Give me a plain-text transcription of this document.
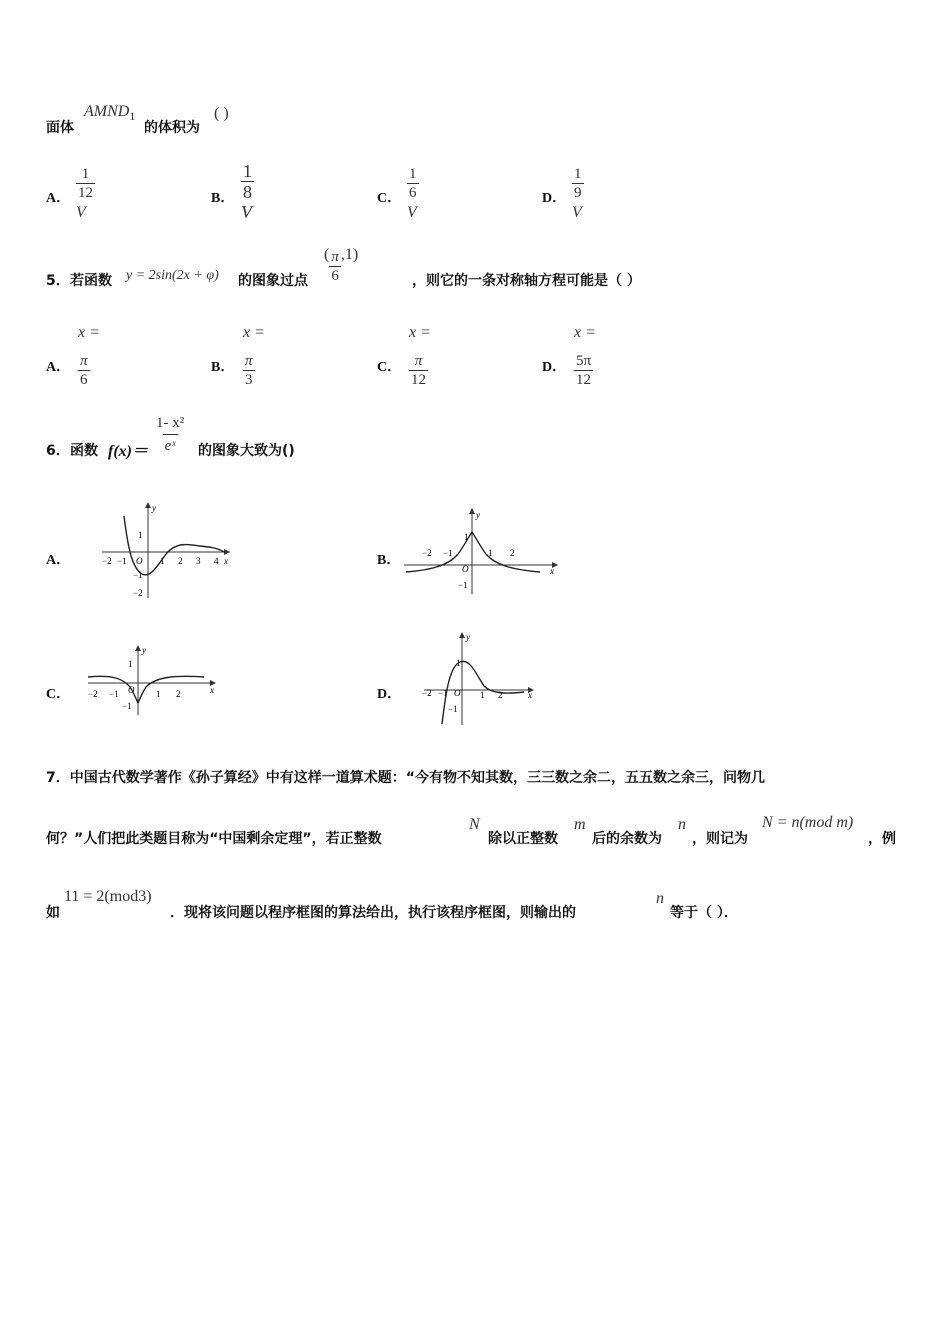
面体
$AMND_1$
的体积为
( )
A． $\frac{1}{12}$
V
B． $\frac{1}{8}$
V
C． $\frac{1}{6}$
V
D． $\frac{1}{9}$
V
5． 若函数 y = 2sin(2x + φ) 的图象过点
( $\frac{\pi}{6} ,1$)
，则它的一条对称轴方程可能是（ ）
A．
x =
$\frac{\pi}{6}$	B．
x =
$\frac{\pi}{3}$	C．
x =
$\frac{\pi}{12}$	D．
x =
$\frac{5\pi}{12}$
6． 函数 $f(x)= \frac{\text{1- x²}}{\text{eˣ}}$ 的图象大致为()
A．	B．
C．	D．
y
x
O
−2 −1	1 2 3 4
1
−1
−2
y
x
O
−2 −1	1 2
1
−1
y
x
O
−2 −1	1 2
1
−1
y
x
O
−2 −1	1 2
1
−1
7．中国古代数学著作《孙子算经》中有这样一道算术题：“今有物不知其数，三三数之余二，五五数之余三，问物几
何？”人们把此类题目称为“中国剩余定理”，若正整数
N
除以正整数
m
后的余数为
n
，则记为
N = n(mod m)
，例
如
11 = 2(mod3)
．现将该问题以程序框图的算法给出，执行该程序框图，则输出的
n
等于（ ）．
